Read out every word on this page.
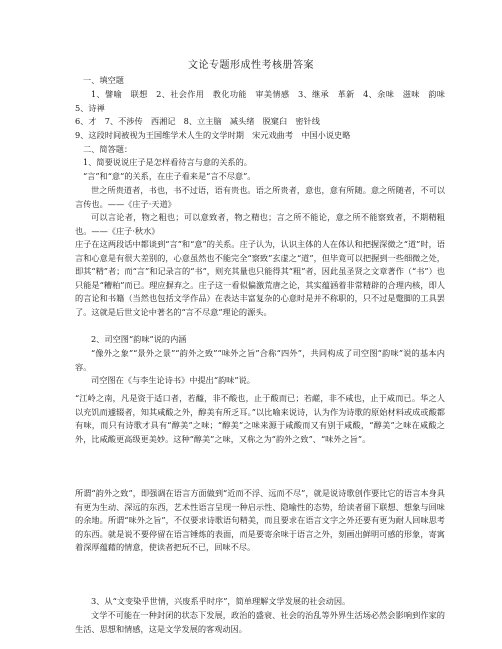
文论专题形成性考核册答案

一、填空题

1、譬喻　联想　2、社会作用　教化功能　审美情感　3、继承　革新　4、余味　滋味　韵味　5、诗禅

6、才　7、不涉传　西湘记　8、立主脑　减头绪　脱窠臼　密针线

9、这段时间被视为王国维学术人生的文学时期　宋元戏曲考　中国小说史略

二、简答题：

1、简要说说庄子是怎样看待言与意的关系的。

“言”和“意”的关系，在庄子看来是“言不尽意”。

世之所贵道者，书也，书不过语，语有贵也。语之所贵者，意也，意有所随。意之所随者，不可以言传也。——《庄子·天道》

可以言论者，物之粗也；可以意致者，物之精也；言之所不能论，意之所不能察致者，不期精粗也。——《庄子·秋水》

庄子在这两段话中都谈到“言”和“意”的关系。庄子认为，认识主体的人在体认和把握深微之“道”时，语言和心意是有很大差别的，心意虽然也不能完全“察致”玄虚之“道”，但毕竟可以把握到一些细微之处，即其“精”者；而“言”和记录言的“书”，则充其量也只能得其“粗”者，因此虽圣贤之文章著作（“书”）也只能是“糟粕”而已。理应摒弃之。庄子这一看似偏激荒唐之论，其实蕴涵着非常精辟的合理内核，即人的言论和书籍（当然也包括文学作品）在表达丰富复杂的心意时是并不称职的，只不过是蹩脚的工具罢了。这就是后世文论中著名的“言不尽意”理论的源头。

2、司空图“韵味”说的内涵

“像外之象”“景外之景”“韵外之致”“味外之旨”合称“四外”，共同构成了司空图“韵味”说的基本内容。

司空图在《与李生论诗书》中提出“韵味”说。

“江岭之南，凡是资于适口者，若醯，非不酸也，止于酸而已；若鹾，非不咸也，止于咸而已。华之人以充饥而遽辍者，知其咸酸之外，醇美有所乏耳。”以比喻来说诗，认为作为诗歌的原始材料或成或酸都有味，而只有诗歌才具有“醇美”之味；“醇美”之味来源于咸酸而又有别于咸酸，“醇美”之味在咸酸之外，比咸酸更高级更美妙。这种“醇美”之味，又称之为“韵外之致”、“味外之旨”。

所谓“韵外之致”，即强调在语言方面做到“近而不浮、远而不尽”，就是说诗歌创作要比它的语言本身具有更为生动、深远的东西，艺术性语言呈现一种启示性、隐喻性的态势，给读者留下联想、想象与回味的余地。所谓“味外之旨”，不仅要求诗歌语句精美，而且要求在语言文字之外还要有更为耐人回味思考的东西。就是说不要停留在语言锤炼的表面，而是要寄余味于语言之外，刻画出鲜明可感的形象，寄寓着深厚蕴藉的情意，使读者把玩不已，回味不尽。

3、从“文变染乎世情，兴废系乎时序”，简单理解文学发展的社会动因。

文学不可能在一种封闭的状态下发展，政治的盛衰、社会的治乱等外界生活场必然会影响到作家的生活、思想和情感，这是文学发展的客观动因。
